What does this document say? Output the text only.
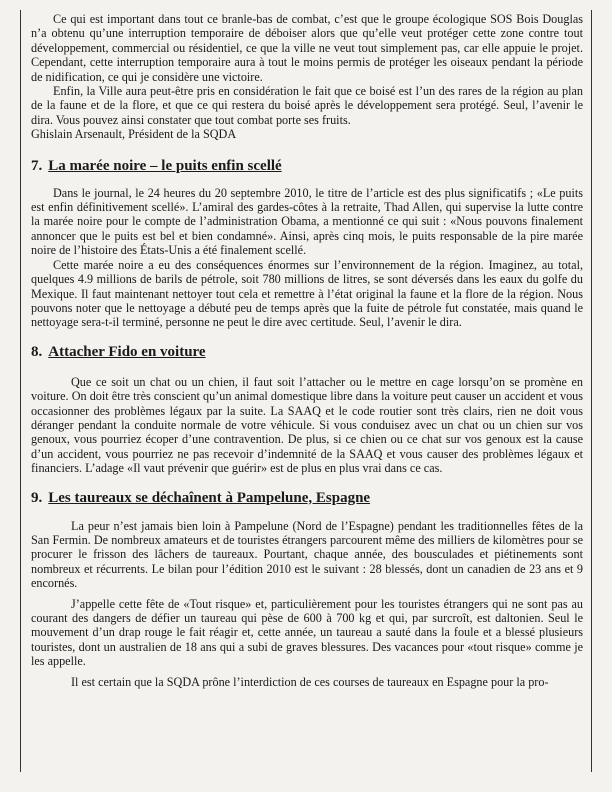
Ce qui est important dans tout ce branle-bas de combat, c’est que le groupe écologique SOS Bois Douglas n’a obtenu qu’une interruption temporaire de déboiser alors que qu’elle veut protéger cette zone contre tout développement, commercial ou résidentiel, ce que la ville ne veut tout simplement pas, car elle appuie le projet. Cependant, cette interruption temporaire aura à tout le moins permis de protéger les oiseaux pendant la période de nidification, ce qui je considère une victoire.

Enfin, la Ville aura peut-être pris en considération le fait que ce boisé est l’un des rares de la région au plan de la faune et de la flore, et que ce qui restera du boisé après le développement sera protégé. Seul, l’avenir le dira. Vous pouvez ainsi constater que tout combat porte ses fruits.

Ghislain Arsenault, Président de la SQDA

7. La marée noire – le puits enfin scellé

Dans le journal, le 24 heures du 20 septembre 2010, le titre de l’article est des plus significatifs ; «Le puits est enfin définitivement scellé». L’amiral des gardes-côtes à la retraite, Thad Allen, qui supervise la lutte contre la marée noire pour le compte de l’administration Obama, a mentionné ce qui suit : «Nous pouvons finalement annoncer que le puits est bel et bien condamné». Ainsi, après cinq mois, le puits responsable de la pire marée noire de l’histoire des États-Unis a été finalement scellé.

Cette marée noire a eu des conséquences énormes sur l’environnement de la région. Imaginez, au total, quelques 4.9 millions de barils de pétrole, soit 780 millions de litres, se sont déversés dans les eaux du golfe du Mexique. Il faut maintenant nettoyer tout cela et remettre à l’état original la faune et la flore de la région. Nous pouvons noter que le nettoyage a débuté peu de temps après que la fuite de pétrole fut constatée, mais quand le nettoyage sera-t-il terminé, personne ne peut le dire avec certitude. Seul, l’avenir le dira.

8. Attacher Fido en voiture

Que ce soit un chat ou un chien, il faut soit l’attacher ou le mettre en cage lorsqu’on se promène en voiture. On doit être très conscient qu’un animal domestique libre dans la voiture peut causer un accident et vous occasionner des problèmes légaux par la suite. La SAAQ et le code routier sont très clairs, rien ne doit vous déranger pendant la conduite normale de votre véhicule. Si vous conduisez avec un chat ou un chien sur vos genoux, vous pourriez écoper d’une contravention. De plus, si ce chien ou ce chat sur vos genoux est la cause d’un accident, vous pourriez ne pas recevoir d’indemnité de la SAAQ et vous causer des problèmes légaux et financiers. L’adage «Il vaut prévenir que guérir» est de plus en plus vrai dans ce cas.

9. Les taureaux se déchaînent à Pampelune, Espagne

La peur n’est jamais bien loin à Pampelune (Nord de l’Espagne) pendant les traditionnelles fêtes de la San Fermin. De nombreux amateurs et de touristes étrangers parcourent même des milliers de kilomètres pour se procurer le frisson des lâchers de taureaux. Pourtant, chaque année, des bousculades et piétinements sont nombreux et récurrents. Le bilan pour l’édition 2010 est le suivant : 28 blessés, dont un canadien de 23 ans et 9 encornés.

J’appelle cette fête de «Tout risque» et, particulièrement pour les touristes étrangers qui ne sont pas au courant des dangers de défier un taureau qui pèse de 600 à 700 kg et qui, par surcroît, est daltonien. Seul le mouvement d’un drap rouge le fait réagir et, cette année, un taureau a sauté dans la foule et a blessé plusieurs touristes, dont un australien de 18 ans qui a subi de graves blessures. Des vacances pour «tout risque» comme je les appelle.

Il est certain que la SQDA prône l’interdiction de ces courses de taureaux en Espagne pour la pro-
